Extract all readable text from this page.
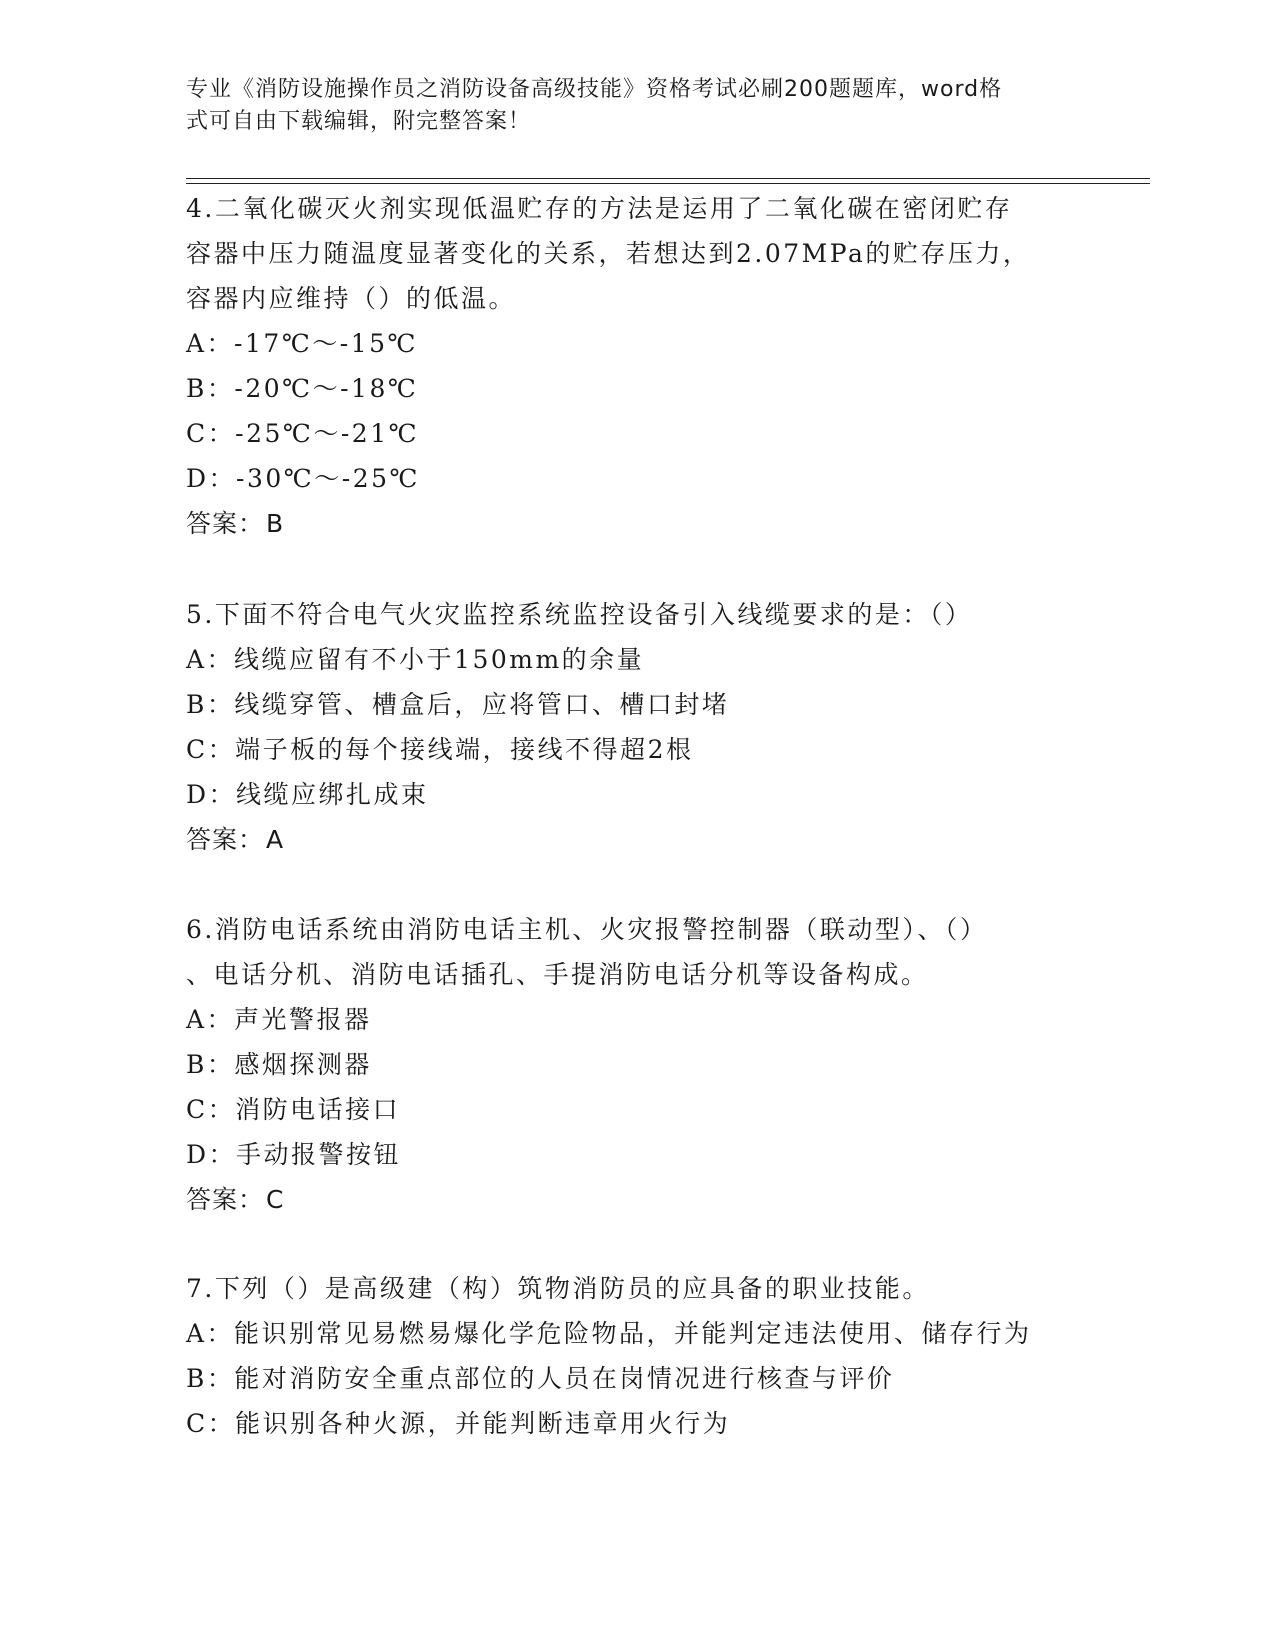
专业《消防设施操作员之消防设备高级技能》资格考试必刷200题题库，word格
式可自由下载编辑，附完整答案！
4.二氧化碳灭火剂实现低温贮存的方法是运用了二氧化碳在密闭贮存
容器中压力随温度显著变化的关系，若想达到2.07MPa的贮存压力，
容器内应维持（）的低温。
A：-17℃～-15℃
B：-20℃～-18℃
C：-25℃～-21℃
D：-30℃～-25℃
答案：B
5.下面不符合电气火灾监控系统监控设备引入线缆要求的是：（）
A：线缆应留有不小于150mm的余量
B：线缆穿管、槽盒后，应将管口、槽口封堵
C：端子板的每个接线端，接线不得超2根
D：线缆应绑扎成束
答案：A
6.消防电话系统由消防电话主机、火灾报警控制器（联动型）、（）
、电话分机、消防电话插孔、手提消防电话分机等设备构成。
A：声光警报器
B：感烟探测器
C：消防电话接口
D：手动报警按钮
答案：C
7.下列（）是高级建（构）筑物消防员的应具备的职业技能。
A：能识别常见易燃易爆化学危险物品，并能判定违法使用、储存行为
B：能对消防安全重点部位的人员在岗情况进行核查与评价
C：能识别各种火源，并能判断违章用火行为
